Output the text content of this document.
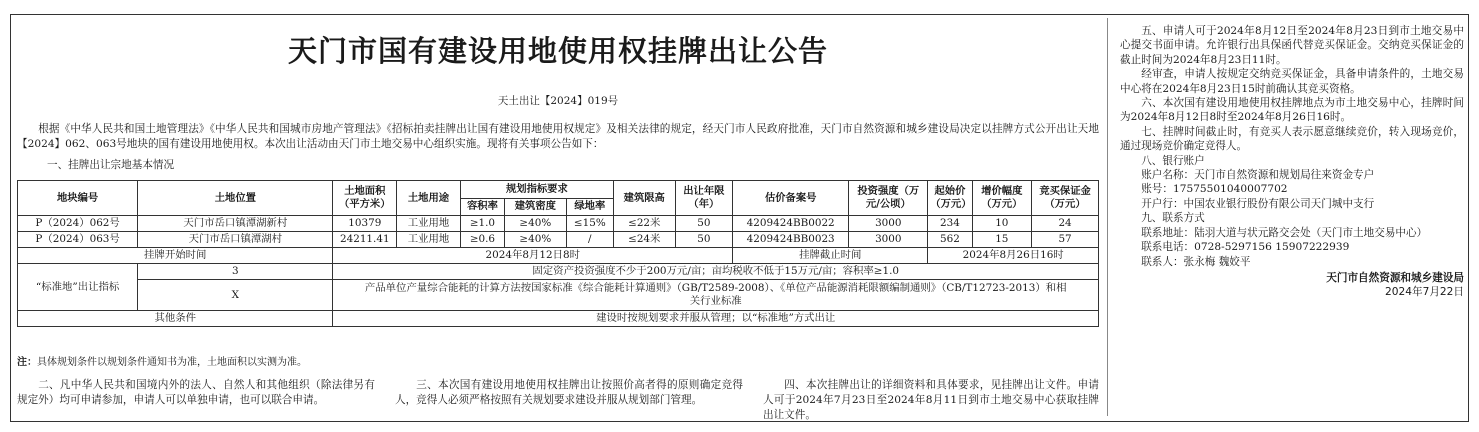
天门市国有建设用地使用权挂牌出让公告
天土出让【2024】019号
根据《中华人民共和国土地管理法》《中华人民共和国城市房地产管理法》《招标拍卖挂牌出让国有建设用地使用权规定》及相关法律的规定，经天门市人民政府批准，天门市自然资源和城乡建设局决定以挂牌方式公开出让天地【2024】062、063号地块的国有建设用地使用权。本次出让活动由天门市土地交易中心组织实施。现将有关事项公告如下：
一、挂牌出让宗地基本情况
地块编号	土地位置	土地面积（平方米）	土地用途	规划指标要求			建筑限高	出让年限（年）	估价备案号	投资强度（万元/公顷）	起始价（万元）	增价幅度（万元）	竞买保证金（万元）
				容积率	建筑密度	绿地率							
P（2024）062号	天门市岳口镇潭湖新村	10379	工业用地	≥1.0	≥40%	≤15%	≤22米	50	4209424BB0022	3000	234	10	24
P（2024）063号	天门市岳口镇潭湖村	24211.41	工业用地	≥0.6	≥40%	/	≤24米	50	4209424BB0023	3000	562	15	57
挂牌开始时间		2024年8月12日8时							挂牌截止时间		2024年8月26日16时		
“标准地”出让指标	3	固定资产投资强度不少于200万元/亩；亩均税收不低于15万元/亩；容积率≥1.0											
	X	产品单位产量综合能耗的计算方法按国家标准《综合能耗计算通则》（GB/T2589-2008）、《单位产品能源消耗限额编制通则》（CB/T12723-2013）和相关行业标准											
其他条件		建设时按规划要求并服从管理；以“标准地”方式出让											
注：具体规划条件以规划条件通知书为准，土地面积以实测为准。
二、凡中华人民共和国境内外的法人、自然人和其他组织（除法律另有规定外）均可申请参加，申请人可以单独申请，也可以联合申请。
三、本次国有建设用地使用权挂牌出让按照价高者得的原则确定竞得人，竞得人必须严格按照有关规划要求建设并服从规划部门管理。
四、本次挂牌出让的详细资料和具体要求，见挂牌出让文件。申请人可于2024年7月23日至2024年8月11日到市土地交易中心获取挂牌出让文件。

五、申请人可于2024年8月12日至2024年8月23日到市土地交易中心提交书面申请。允许银行出具保函代替竞买保证金。交纳竞买保证金的截止时间为2024年8月23日11时。

经审查，申请人按规定交纳竞买保证金，具备申请条件的，土地交易中心将在2024年8月23日15时前确认其竞买资格。

六、本次国有建设用地使用权挂牌地点为市土地交易中心，挂牌时间为2024年8月12日8时至2024年8月26日16时。

七、挂牌时间截止时，有竞买人表示愿意继续竞价，转入现场竞价，通过现场竞价确定竞得人。

八、银行账户

账户名称：天门市自然资源和规划局往来资金专户

账号：17575501040007702

开户行：中国农业银行股份有限公司天门城中支行

九、联系方式

联系地址：陆羽大道与状元路交会处（天门市土地交易中心）

联系电话：0728-5297156 15907222939

联系人：张永梅 魏姣平

天门市自然资源和城乡建设局
2024年7月22日
